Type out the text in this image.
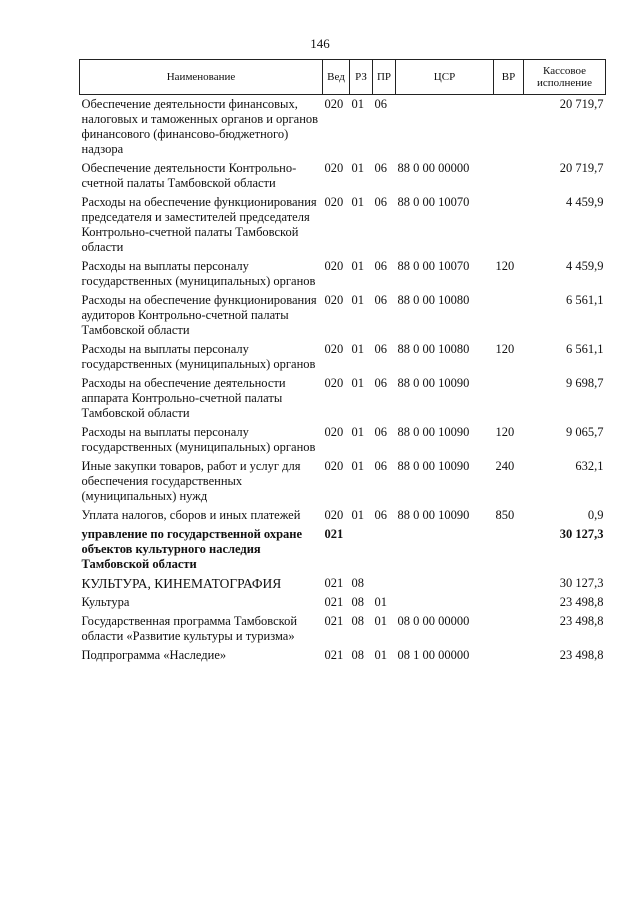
146
Наименование	Вед	РЗ	ПР	ЦСР	ВР	Кассовое исполнение
Обеспечение деятельности финансовых, налоговых и таможенных органов и органов финансового (финансово-бюджетного) надзора	020	01	06			20 719,7
Обеспечение деятельности Контрольно-счетной палаты Тамбовской области	020	01	06	88 0 00 00000		20 719,7
Расходы на обеспечение функционирования председателя и заместителей председателя Контрольно-счетной палаты Тамбовской области	020	01	06	88 0 00 10070		4 459,9
Расходы на выплаты персоналу государственных (муниципальных) органов	020	01	06	88 0 00 10070	120	4 459,9
Расходы на обеспечение функционирования аудиторов Контрольно-счетной палаты Тамбовской области	020	01	06	88 0 00 10080		6 561,1
Расходы на выплаты персоналу государственных (муниципальных) органов	020	01	06	88 0 00 10080	120	6 561,1
Расходы на обеспечение деятельности аппарата Контрольно-счетной палаты Тамбовской области	020	01	06	88 0 00 10090		9 698,7
Расходы на выплаты персоналу государственных (муниципальных) органов	020	01	06	88 0 00 10090	120	9 065,7
Иные закупки товаров, работ и услуг для обеспечения государственных (муниципальных) нужд	020	01	06	88 0 00 10090	240	632,1
Уплата налогов, сборов и иных платежей	020	01	06	88 0 00 10090	850	0,9
управление по государственной охране объектов культурного наследия Тамбовской области	021					30 127,3
КУЛЬТУРА, КИНЕМАТОГРАФИЯ	021	08				30 127,3
Культура	021	08	01			23 498,8
Государственная программа Тамбовской области «Развитие культуры и туризма»	021	08	01	08 0 00 00000		23 498,8
Подпрограмма «Наследие»	021	08	01	08 1 00 00000		23 498,8
